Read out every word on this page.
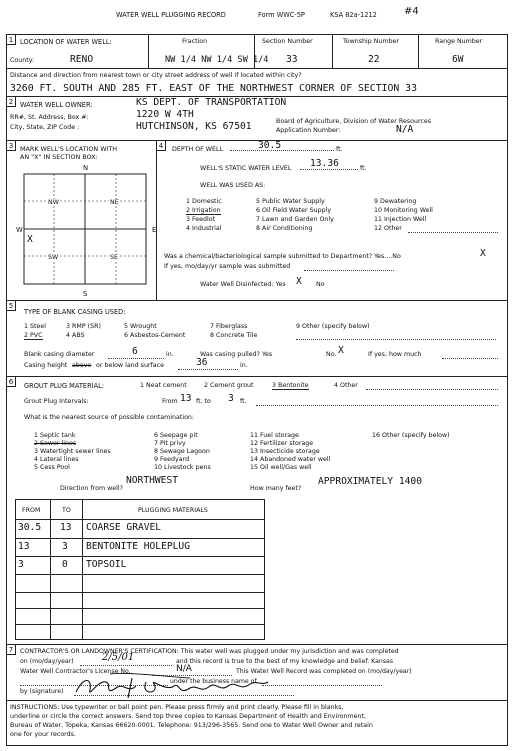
WATER WELL PLUGGING RECORD	Form WWC-5P	KSA 82a-1212	#4
1	LOCATION OF WATER WELL:	Fraction	Section Number	Township Number	Range Number
County:	RENO	NW 1/4 NW 1/4 SW 1/4 33	22	6W
Distance and direction from nearest town or city street address of well if located within city?
3260 FT. SOUTH AND 285 FT. EAST OF THE NORTHWEST CORNER OF SECTION 33
2	WATER WELL OWNER:	KS DEPT. OF TRANSPORTATION
RR#, St. Address, Box #:	1220 W 4TH
City, State, ZIP Code :	HUTCHINSON, KS 67501	Board of Agriculture, Division of Water Resources
Application Number:	N/A
3	MARK WELL'S LOCATION WITH
AN "X" IN SECTION BOX:
N
S
E
W
NW	NE
SW	SE
X
4	DEPTH OF WELL	30.5	ft.
WELL'S STATIC WATER LEVEL 13.36	ft.
WELL WAS USED AS:
1 Domestic	5 Public Water Supply	9 Dewatering
2 Irrigation	6 Oil Field Water Supply	10 Monitoring Well
3 Feedlot	7 Lawn and Garden Only	11 Injection Well
4 Industrial	8 Air Conditioning	12 Other
Was a chemical/bacteriological sample submitted to Department? Yes....No	X
If yes, mo/day/yr sample was submitted
Water Well Disinfected: Yes X No
5
TYPE OF BLANK CASING USED:
1 Steel	3 RMP (SR)	5 Wrought	7 Fiberglass	9 Other (specify below)
2 PVC	4 ABS	6 Asbestos-Cement	8 Concrete Tile
Blank casing diameter	6	in.	Was casing pulled? Yes	No. X	If yes, how much
Casing height above or below land surface	36	in.
6	GROUT PLUG MATERIAL:	1 Neat cement	2 Cement grout	3 Bentonite	4 Other
Grout Plug Intervals:	From 13 ft. to 3 ft.
What is the nearest source of possible contamination:
1 Septic tank	6 Seepage pit	11 Fuel storage	16 Other (specify below)
2 Sewer lines	7 Pit privy	12 Fertilizer storage
3 Watertight sewer lines	8 Sewage Lagoon	13 Insecticide storage
4 Lateral lines	9 Feedyard	14 Abandoned water well
5 Cess Pool	10 Livestock pens	15 Oil well/Gas well
Direction from well?
NORTHWEST
How many feet?
APPROXIMATELY 1400
FROM	TO	PLUGGING MATERIALS
30.5 13 COARSE GRAVEL
13	3 BENTONITE HOLEPLUG
3	0 TOPSOIL
7	CONTRACTOR'S OR LANDOWNER'S CERTIFICATION: This water well was plugged under my jurisdiction and was completed
on (mo/day/year)	2/5/01	and this record is true to the best of my knowledge and belief. Kansas
Water Well Contractor's License No.	N/A	This Water Well Record was completed on (mo/day/year)
under the business name of
by (signature)
INSTRUCTIONS: Use typewriter or ball point pen. Please press firmly and print clearly. Please fill in blanks,
underline or circle the correct answers. Send top three copies to Kansas Department of Health and Environment,
Bureau of Water, Topeka, Kansas 66620-0001. Telephone: 913/296-3565. Send one to Water Well Owner and retain
one for your records.
